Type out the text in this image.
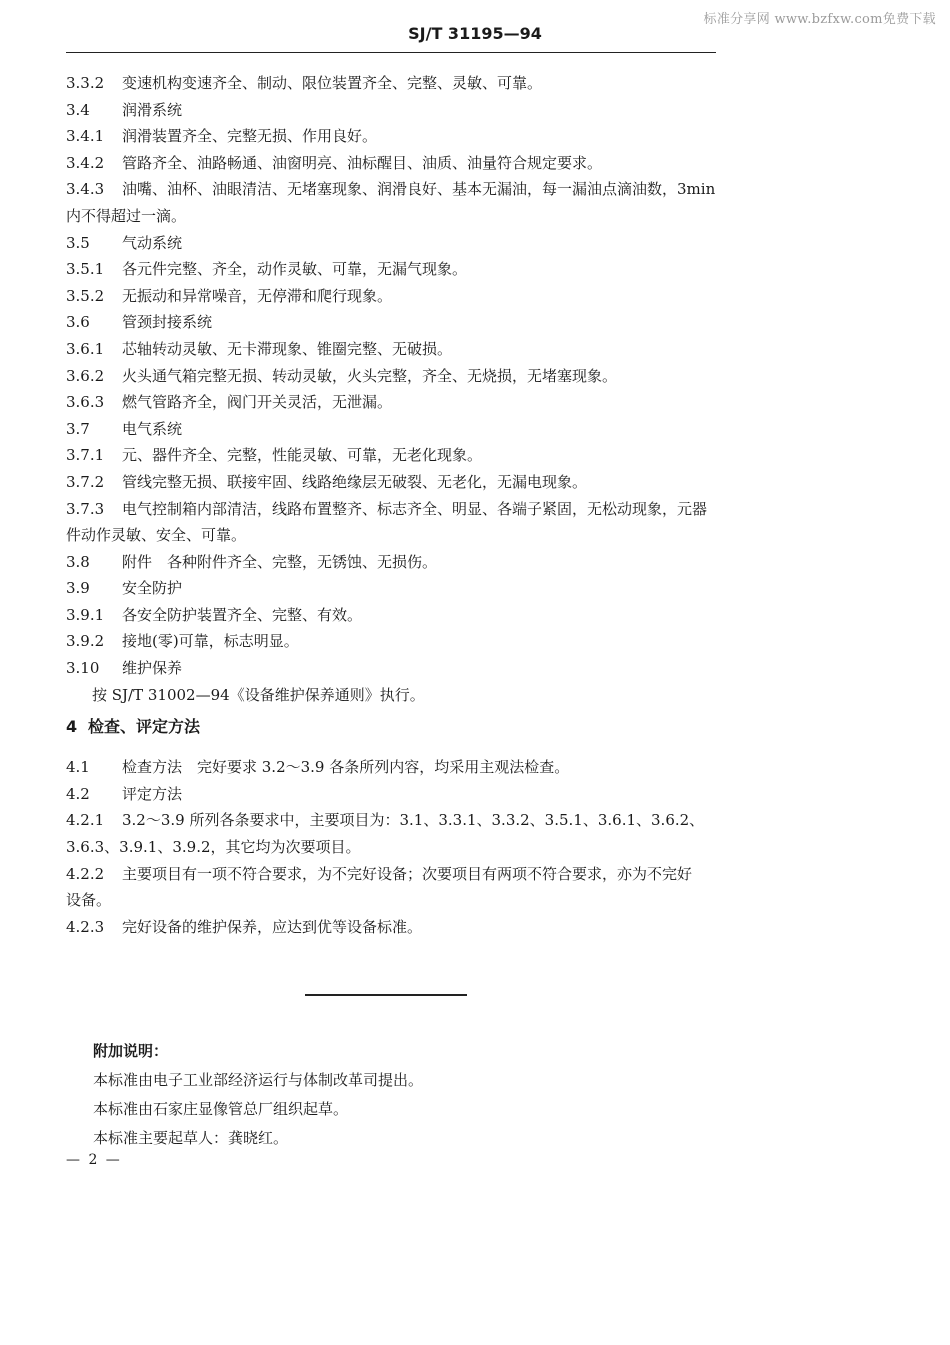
标准分享网 www.bzfxw.com免费下载
SJ/T 31195—94
3.3.2 变速机构变速齐全、制动、限位装置齐全、完整、灵敏、可靠。
3.4 润滑系统
3.4.1 润滑装置齐全、完整无损、作用良好。
3.4.2 管路齐全、油路畅通、油窗明亮、油标醒目、油质、油量符合规定要求。
3.4.3 油嘴、油杯、油眼清洁、无堵塞现象、润滑良好、基本无漏油，每一漏油点滴油数，3min
内不得超过一滴。
3.5 气动系统
3.5.1 各元件完整、齐全，动作灵敏、可靠，无漏气现象。
3.5.2 无振动和异常噪音，无停滞和爬行现象。
3.6 管颈封接系统
3.6.1 芯轴转动灵敏、无卡滞现象、锥圈完整、无破损。
3.6.2 火头通气箱完整无损、转动灵敏，火头完整，齐全、无烧损，无堵塞现象。
3.6.3 燃气管路齐全，阀门开关灵活，无泄漏。
3.7 电气系统
3.7.1 元、器件齐全、完整，性能灵敏、可靠，无老化现象。
3.7.2 管线完整无损、联接牢固、线路绝缘层无破裂、无老化，无漏电现象。
3.7.3 电气控制箱内部清洁，线路布置整齐、标志齐全、明显、各端子紧固，无松动现象，元器
件动作灵敏、安全、可靠。
3.8 附件　各种附件齐全、完整，无锈蚀、无损伤。
3.9 安全防护
3.9.1 各安全防护装置齐全、完整、有效。
3.9.2 接地(零)可靠，标志明显。
3.10 维护保养
按 SJ/T 31002—94《设备维护保养通则》执行。
4 检查、评定方法
4.1 检查方法　完好要求 3.2～3.9 各条所列内容，均采用主观法检查。
4.2 评定方法
4.2.1 3.2～3.9 所列各条要求中，主要项目为：3.1、3.3.1、3.3.2、3.5.1、3.6.1、3.6.2、
3.6.3、3.9.1、3.9.2，其它均为次要项目。
4.2.2 主要项目有一项不符合要求，为不完好设备；次要项目有两项不符合要求，亦为不完好
设备。
4.2.3 完好设备的维护保养，应达到优等设备标准。
附加说明：
本标准由电子工业部经济运行与体制改革司提出。
本标准由石家庄显像管总厂组织起草。
本标准主要起草人：龚晓红。
— 2 —
